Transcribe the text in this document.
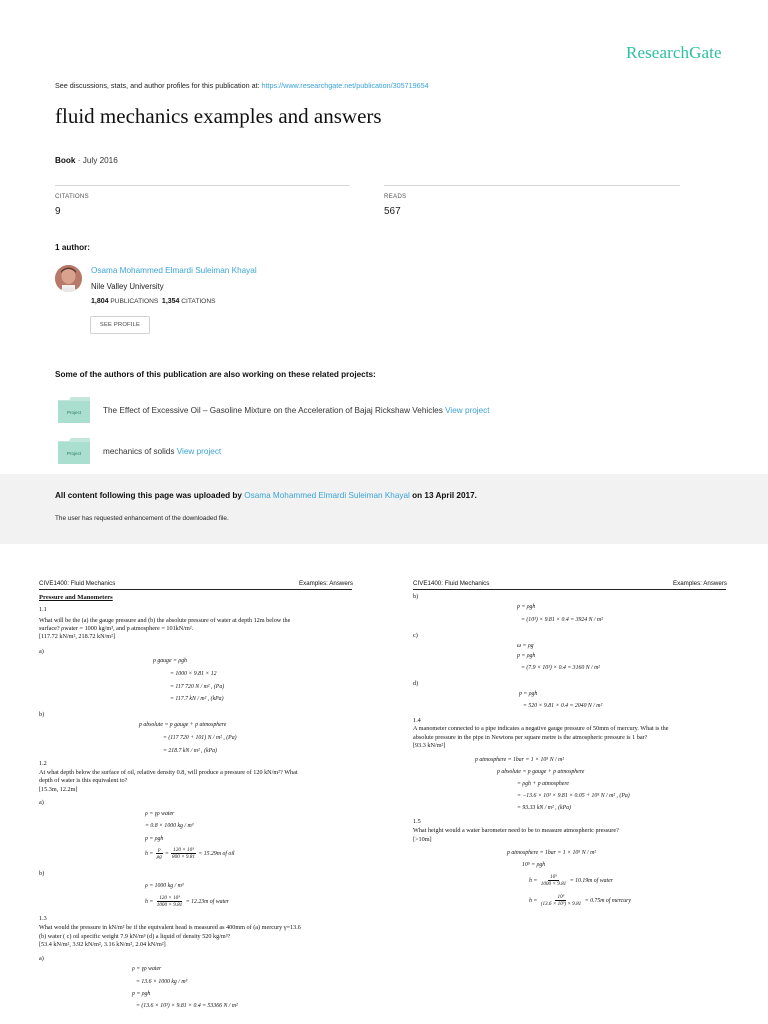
ResearchGate
See discussions, stats, and author profiles for this publication at: https://www.researchgate.net/publication/305719654
fluid mechanics examples and answers
Book · July 2016
CITATIONS
9
READS
567
1 author:
Osama Mohammed Elmardi Suleiman Khayal
Nile Valley University
1,804 PUBLICATIONS 1,354 CITATIONS
SEE PROFILE
Some of the authors of this publication are also working on these related projects:
Project	The Effect of Excessive Oil – Gasoline Mixture on the Acceleration of Bajaj Rickshaw Vehicles View project
Project	mechanics of solids View project
All content following this page was uploaded by Osama Mohammed Elmardi Suleiman Khayal on 13 April 2017.
The user has requested enhancement of the downloaded file.
CIVE1400: Fluid Mechanics	Examples: Answers
Pressure and Manometers
1.1
What will be the (a) the gauge pressure and (b) the absolute pressure of water at depth 12m below the
surface? ρwater = 1000 kg/m³, and p atmosphere = 101kN/m².
[117.72 kN/m², 218.72 kN/m²]
a)
p gauge = ρgh
= 1000 × 9.81 × 12
= 117 720 N / m² , (Pa)
= 117.7 kN / m² , (kPa)
b)
p absolute = p gauge + p atmosphere
= (117 720 + 101) N / m² , (Pa)
= 218.7 kN / m² , (kPa)
1.2
At what depth below the surface of oil, relative density 0.8, will produce a pressure of 120 kN/m²? What
depth of water is this equivalent to?
[15.3m, 12.2m]
a)
ρ = γρ water
= 0.8 × 1000 kg / m³
p = ρgh
$h = \frac{p}{\rho g} = \frac{\text{120 × 10³}}{800 \times 9.81} = 15.29m$ of oil
b)
ρ = 1000 kg / m³
$h = \frac{\text{120 × 10³}}{1000 \times 9.81} = 12.23m$ of water
1.3
What would the pressure in kN/m² be if the equivalent head is measured as 400mm of (a) mercury γ=13.6
(b) water ( c) oil specific weight 7.9 kN/m³ (d) a liquid of density 520 kg/m³?
[53.4 kN/m², 3.92 kN/m², 3.16 kN/m², 2.04 kN/m²]
a)
ρ = γρ water
= 13.6 × 1000 kg / m³
p = ρgh
= (13.6 × 10³) × 9.81 × 0.4 = 53366 N / m²
CIVE1400: Fluid Mechanics	Examples: Answers
b)
p = ρgh
= (10³) × 9.81 × 0.4 = 3924 N / m²
c)
ω = ρg
p = ρgh
= (7.9 × 10³) × 0.4 = 3160 N / m²
d)
p = ρgh
= 520 × 9.81 × 0.4 = 2040 N / m²
1.4
A manometer connected to a pipe indicates a negative gauge pressure of 50mm of mercury. What is the
absolute pressure in the pipe in Newtons per square metre is the atmospheric pressure is 1 bar?
[93.3 kN/m²]
p atmosphere = 1bar = 1 × 10⁵ N / m²
p absolute = p gauge + p atmosphere
= ρgh + p atmosphere
= −13.6 × 10³ × 9.81 × 0.05 + 10⁵ N / m² , (Pa)
= 93.33 kN / m² , (kPa)
1.5
What height would a water barometer need to be to measure atmospheric pressure?
[>10m]
p atmosphere = 1bar = 1 × 10⁵ N / m²
10⁵ = ρgh
$h = \frac{\text{10⁵}}{1000 \times 9.81} = 10.19m$ of water
$h = \frac{\text{10⁵}}{\text{(13.6 × 10³) × 9.81}} = 0.75m$ of mercury
